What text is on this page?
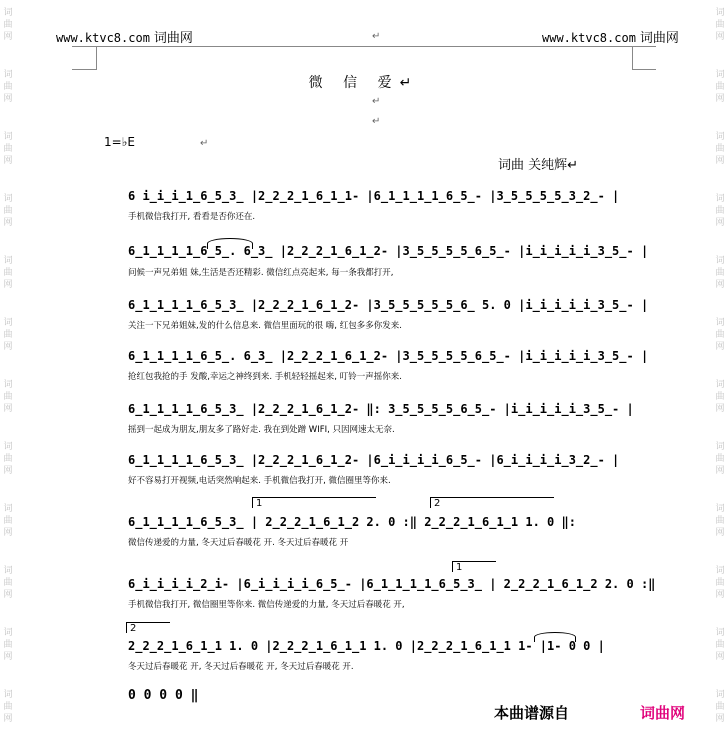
词
曲
网
词
曲
网
词
曲
网
词
曲
网
词
曲
网
词
曲
网
词
曲
网
词
曲
网
词
曲
网
词
曲
网
词
曲
网
词
曲
网
词
曲
网
词
曲
网
词
曲
网
词
曲
网
词
曲
网
词
曲
网
词
曲
网
词
曲
网
词
曲
网
词
曲
网
词
曲
网
词
曲
网
www.ktvc8.com 词曲网	↵	www.ktvc8.com 词曲网
微 信 爱↵
↵
↵
1=♭E	↵
词曲 关纯辉↵
6 i̲i̲i̲1̲6̲5̲3̲ |2̲2̲2̲1̲6̲1̲1- |6̲1̲1̲1̲1̲6̲5̲- |3̲5̲5̲5̲5̲3̲2̲- |
手机微信我打开, 看看是否你还在.
6̲1̲1̲1̲1̲6̲5̲. 6̲3̲ |2̲2̲2̲1̲6̲1̲2- |3̲5̲5̲5̲5̲6̲5̲- |i̲i̲i̲i̲i̲3̲5̲- |
问候一声兄弟姐 妹,生活是否还精彩. 微信红点亮起来, 每一条我都打开,
6̲1̲1̲1̲1̲6̲5̲3̲ |2̲2̲2̲1̲6̲1̲2- |3̲5̲5̲5̲5̲5̲6̲ 5. 0 |i̲i̲i̲i̲i̲3̲5̲- |
关注一下兄弟姐妹,发的什么信息来. 微信里面玩的很 嗨, 红包多多你发来.
6̲1̲1̲1̲1̲6̲5̲. 6̲3̲ |2̲2̲2̲1̲6̲1̲2- |3̲5̲5̲5̲5̲6̲5̲- |i̲i̲i̲i̲i̲3̲5̲- |
抢红包我抢的手 发酸,幸运之神终到来. 手机轻轻摇起来, 叮铃一声摇你来.
6̲1̲1̲1̲1̲6̲5̲3̲ |2̲2̲2̲1̲6̲1̲2- ‖: 3̲5̲5̲5̲5̲6̲5̲- |i̲i̲i̲i̲i̲3̲5̲- |
摇到一起成为朋友,朋友多了路好走. 我在到处蹭 WIFI, 只因网速太无奈.
6̲1̲1̲1̲1̲6̲5̲3̲ |2̲2̲2̲1̲6̲1̲2- |6̲i̲i̲i̲i̲6̲5̲- |6̲i̲i̲i̲i̲3̲2̲- |
好不容易打开视频,电话突然响起来. 手机微信我打开, 微信圈里等你来.
1	2
6̲1̲1̲1̲1̲6̲5̲3̲ | 2̲2̲2̲1̲6̲1̲2 2. 0 :‖ 2̲2̲2̲1̲6̲1̲1 1. 0 ‖:
微信传递爱的力量, 冬天过后春暖花 开. 冬天过后春暖花 开
1
6̲i̲i̲i̲i̲2̲i- |6̲i̲i̲i̲i̲6̲5̲- |6̲1̲1̲1̲1̲6̲5̲3̲ | 2̲2̲2̲1̲6̲1̲2 2. 0 :‖
手机微信我打开, 微信圈里等你来. 微信传递爱的力量, 冬天过后春暖花 开,
2
2̲2̲2̲1̲6̲1̲1 1. 0 |2̲2̲2̲1̲6̲1̲1 1. 0 |2̲2̲2̲1̲6̲1̲1 1- |1- 0 0 |
冬天过后春暖花 开, 冬天过后春暖花 开, 冬天过后春暖花 开.
0 0 0 0 ‖
本曲谱源自	词曲网
